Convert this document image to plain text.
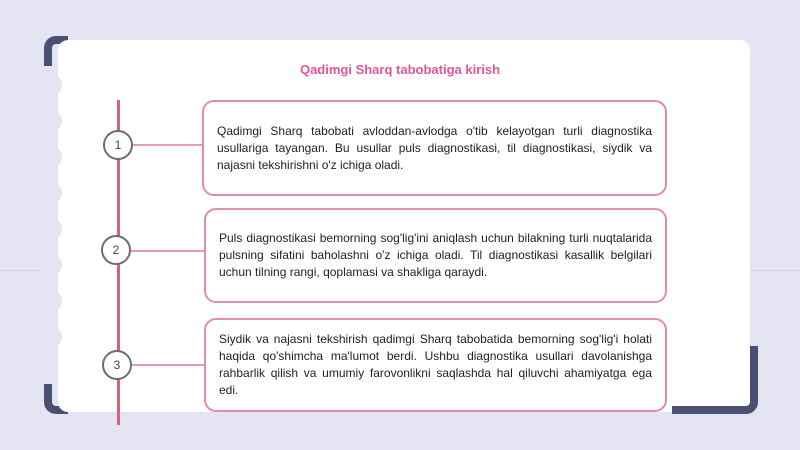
Qadimgi Sharq tabobatiga kirish
1

Qadimgi Sharq tabobati avloddan-avlodga o'tib kelayotgan turli diagnostika usullariga tayangan. Bu usullar puls diagnostikasi, til diagnostikasi, siydik va najasni tekshirishni o'z ichiga oladi.

2

Puls diagnostikasi bemorning sog'lig'ini aniqlash uchun bilakning turli nuqtalarida pulsning sifatini baholashni o'z ichiga oladi. Til diagnostikasi kasallik belgilari uchun tilning rangi, qoplamasi va shakliga qaraydi.

3

Siydik va najasni tekshirish qadimgi Sharq tabobatida bemorning sog'lig'i holati haqida qo'shimcha ma'lumot berdi. Ushbu diagnostika usullari davolanishga rahbarlik qilish va umumiy farovonlikni saqlashda hal qiluvchi ahamiyatga ega edi.
